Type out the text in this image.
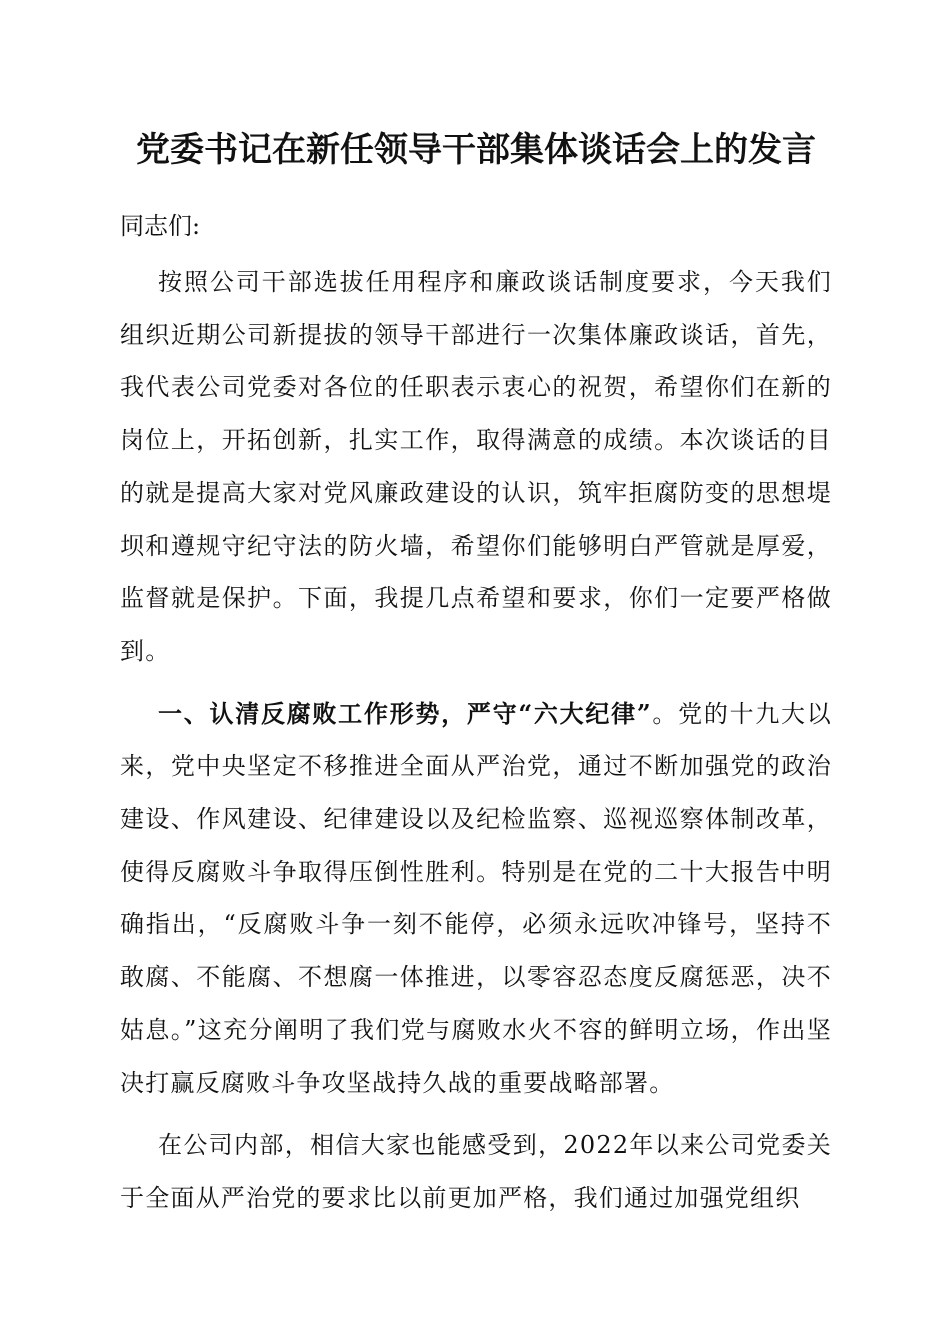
党委书记在新任领导干部集体谈话会上的发言

同志们:

按照公司干部选拔任用程序和廉政谈话制度要求，今天我们组织近期公司新提拔的领导干部进行一次集体廉政谈话，首先，我代表公司党委对各位的任职表示衷心的祝贺，希望你们在新的岗位上，开拓创新，扎实工作，取得满意的成绩。本次谈话的目的就是提高大家对党风廉政建设的认识，筑牢拒腐防变的思想堤坝和遵规守纪守法的防火墙，希望你们能够明白严管就是厚爱，监督就是保护。下面，我提几点希望和要求，你们一定要严格做到。

一、认清反腐败工作形势，严守“六大纪律”。党的十九大以来，党中央坚定不移推进全面从严治党，通过不断加强党的政治建设、作风建设、纪律建设以及纪检监察、巡视巡察体制改革，使得反腐败斗争取得压倒性胜利。特别是在党的二十大报告中明确指出，“反腐败斗争一刻不能停，必须永远吹冲锋号，坚持不敢腐、不能腐、不想腐一体推进，以零容忍态度反腐惩恶，决不姑息。”这充分阐明了我们党与腐败水火不容的鲜明立场，作出坚决打赢反腐败斗争攻坚战持久战的重要战略部署。

在公司内部，相信大家也能感受到，2022年以来公司党委关于全面从严治党的要求比以前更加严格，我们通过加强党组织
